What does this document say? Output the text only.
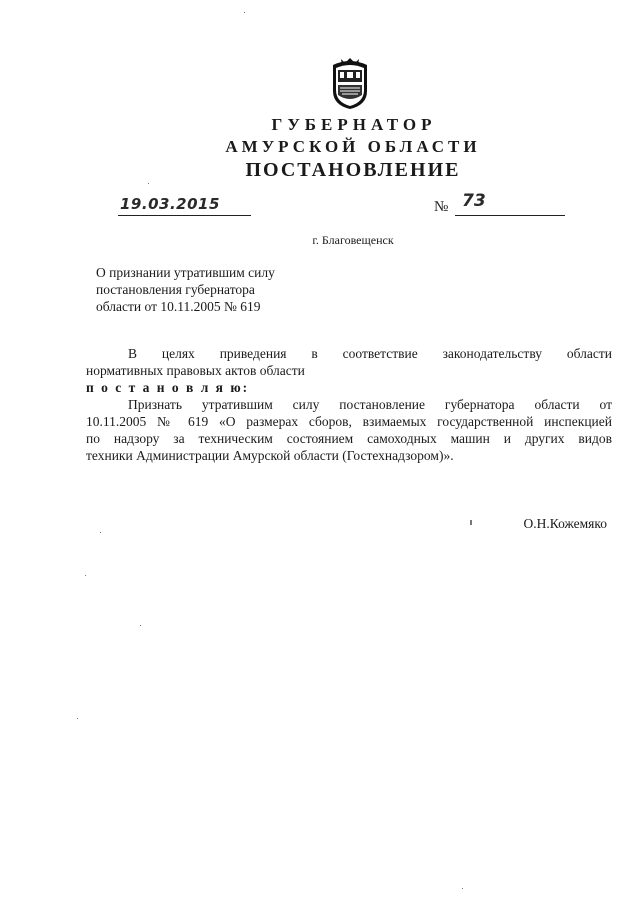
ГУБЕРНАТОР
АМУРСКОЙ ОБЛАСТИ
ПОСТАНОВЛЕНИЕ
19.03.2015	№ 73
г. Благовещенск
О признании утратившим силу
постановления губернатора
области от 10.11.2005 № 619
В целях приведения в соответствие законодательству области
нормативных правовых актов области
п о с т а н о в л я ю:
Признать утратившим силу постановление губернатора области от
10.11.2005 № 619 «О размерах сборов, взимаемых государственной инспекцией
по надзору за техническим состоянием самоходных машин и других видов
техники Администрации Амурской области (Гостехнадзором)».
О.Н.Кожемяко
